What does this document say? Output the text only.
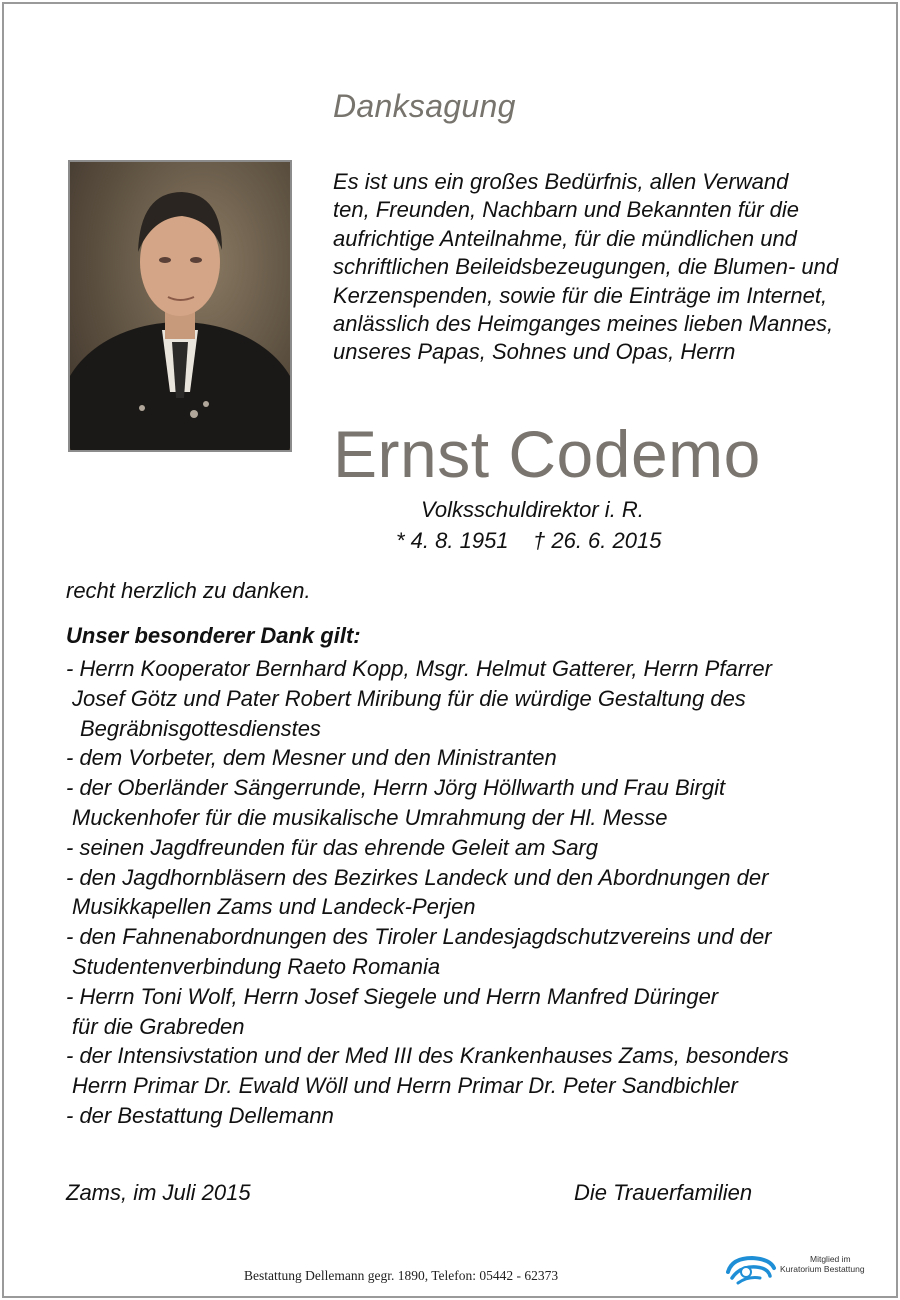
Danksagung
Es ist uns ein großes Bedürfnis, allen Verwand
ten, Freunden, Nachbarn und Bekannten für die
aufrichtige Anteilnahme, für die mündlichen und
schriftlichen Beileidsbezeugungen, die Blumen- und
Kerzenspenden, sowie für die Einträge im Internet,
anlässlich des Heimganges meines lieben Mannes,
unseres Papas, Sohnes und Opas, Herrn
Ernst Codemo
Volksschuldirektor i. R.
* 4. 8. 1951 † 26. 6. 2015
recht herzlich zu danken.
Unser besonderer Dank gilt:
- Herrn Kooperator Bernhard Kopp, Msgr. Helmut Gatterer, Herrn Pfarrer
Josef Götz und Pater Robert Miribung für die würdige Gestaltung des
Begräbnisgottesdienstes
- dem Vorbeter, dem Mesner und den Ministranten
- der Oberländer Sängerrunde, Herrn Jörg Höllwarth und Frau Birgit
Muckenhofer für die musikalische Umrahmung der Hl. Messe
- seinen Jagdfreunden für das ehrende Geleit am Sarg
- den Jagdhornbläsern des Bezirkes Landeck und den Abordnungen der
Musikkapellen Zams und Landeck-Perjen
- den Fahnenabordnungen des Tiroler Landesjagdschutzvereins und der
Studentenverbindung Raeto Romania
- Herrn Toni Wolf, Herrn Josef Siegele und Herrn Manfred Düringer
für die Grabreden
- der Intensivstation und der Med III des Krankenhauses Zams, besonders
Herrn Primar Dr. Ewald Wöll und Herrn Primar Dr. Peter Sandbichler
- der Bestattung Dellemann
Zams, im Juli 2015	Die Trauerfamilien
Bestattung Dellemann gegr. 1890, Telefon: 05442 - 62373
Mitglied im
Kuratorium Bestattung
